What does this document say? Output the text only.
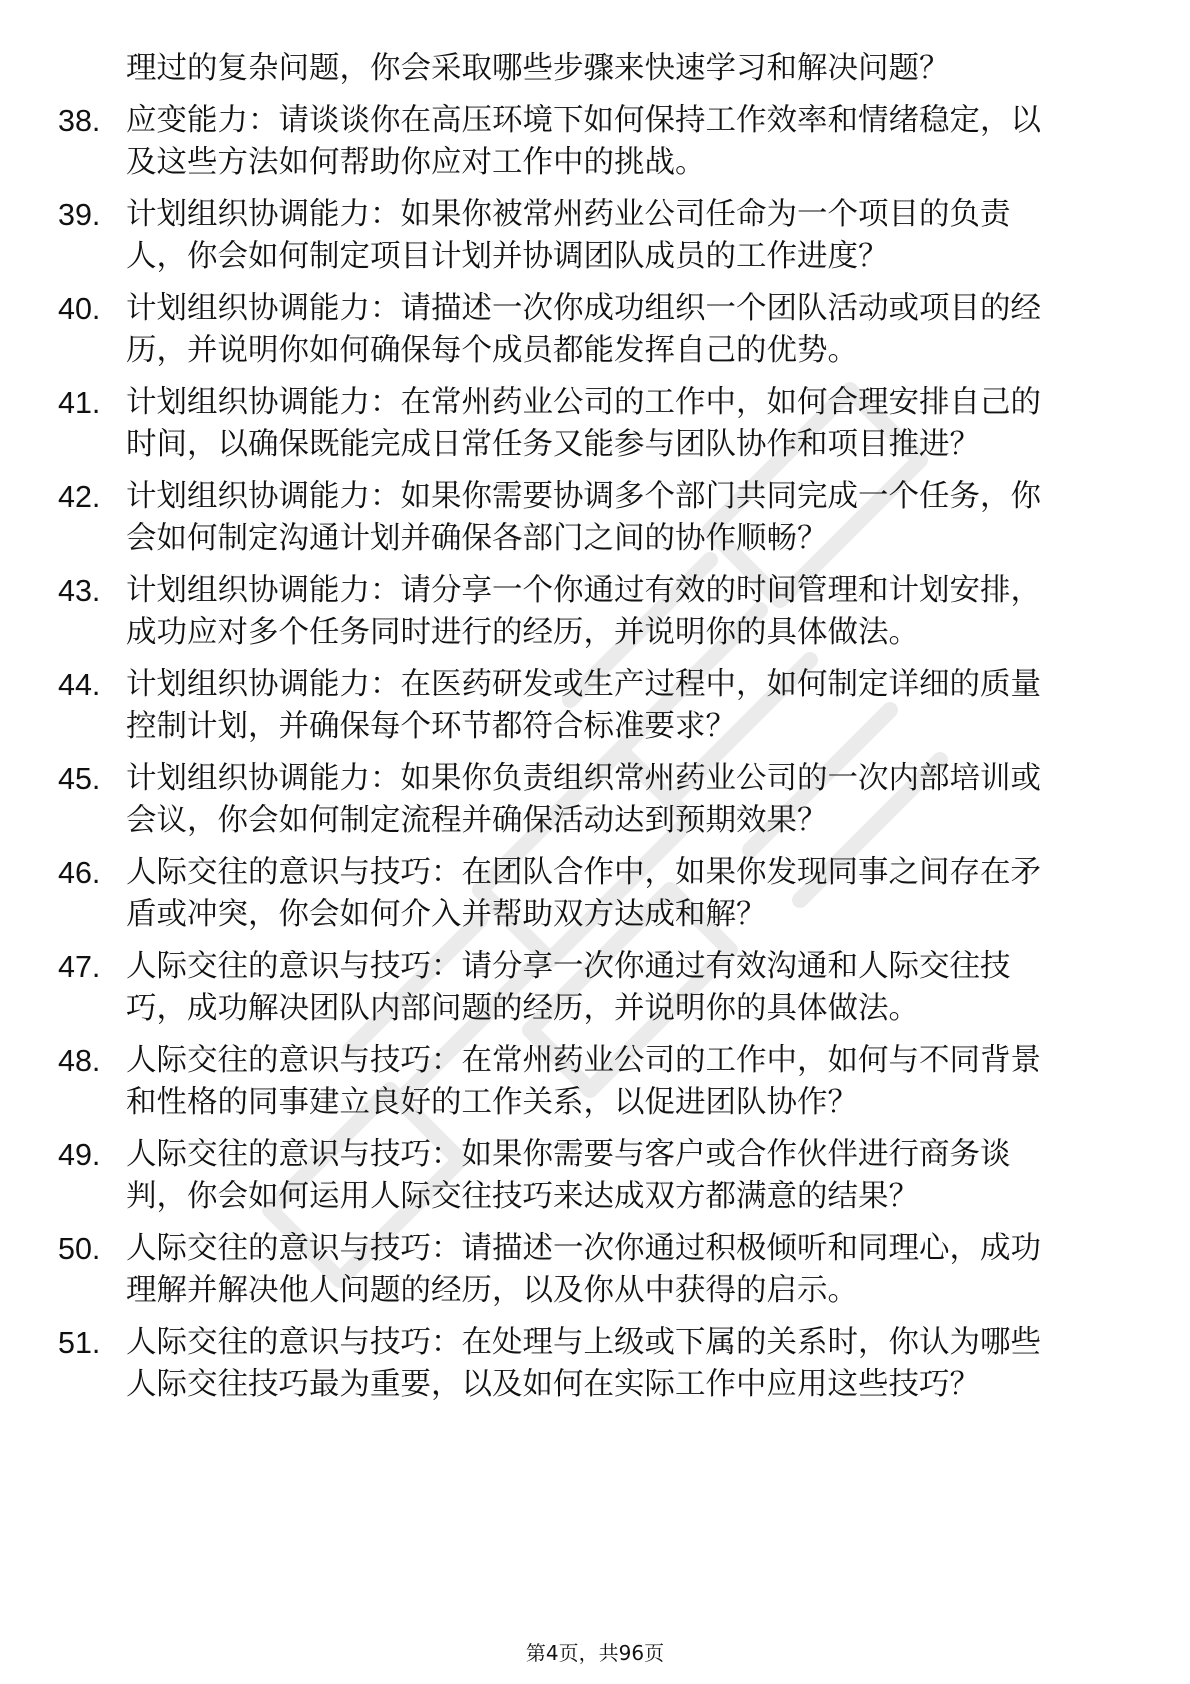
理过的复杂问题，你会采取哪些步骤来快速学习和解决问题？
38. 应变能力：请谈谈你在高压环境下如何保持工作效率和情绪稳定，以及这些方法如何帮助你应对工作中的挑战。
39. 计划组织协调能力：如果你被常州药业公司任命为一个项目的负责人，你会如何制定项目计划并协调团队成员的工作进度？
40. 计划组织协调能力：请描述一次你成功组织一个团队活动或项目的经历，并说明你如何确保每个成员都能发挥自己的优势。
41. 计划组织协调能力：在常州药业公司的工作中，如何合理安排自己的时间，以确保既能完成日常任务又能参与团队协作和项目推进？
42. 计划组织协调能力：如果你需要协调多个部门共同完成一个任务，你会如何制定沟通计划并确保各部门之间的协作顺畅？
43. 计划组织协调能力：请分享一个你通过有效的时间管理和计划安排，成功应对多个任务同时进行的经历，并说明你的具体做法。
44. 计划组织协调能力：在医药研发或生产过程中，如何制定详细的质量控制计划，并确保每个环节都符合标准要求？
45. 计划组织协调能力：如果你负责组织常州药业公司的一次内部培训或会议，你会如何制定流程并确保活动达到预期效果？
46. 人际交往的意识与技巧：在团队合作中，如果你发现同事之间存在矛盾或冲突，你会如何介入并帮助双方达成和解？
47. 人际交往的意识与技巧：请分享一次你通过有效沟通和人际交往技巧，成功解决团队内部问题的经历，并说明你的具体做法。
48. 人际交往的意识与技巧：在常州药业公司的工作中，如何与不同背景和性格的同事建立良好的工作关系，以促进团队协作？
49. 人际交往的意识与技巧：如果你需要与客户或合作伙伴进行商务谈判，你会如何运用人际交往技巧来达成双方都满意的结果？
50. 人际交往的意识与技巧：请描述一次你通过积极倾听和同理心，成功理解并解决他人问题的经历，以及你从中获得的启示。
51. 人际交往的意识与技巧：在处理与上级或下属的关系时，你认为哪些人际交往技巧最为重要，以及如何在实际工作中应用这些技巧？
第4页，共96页
